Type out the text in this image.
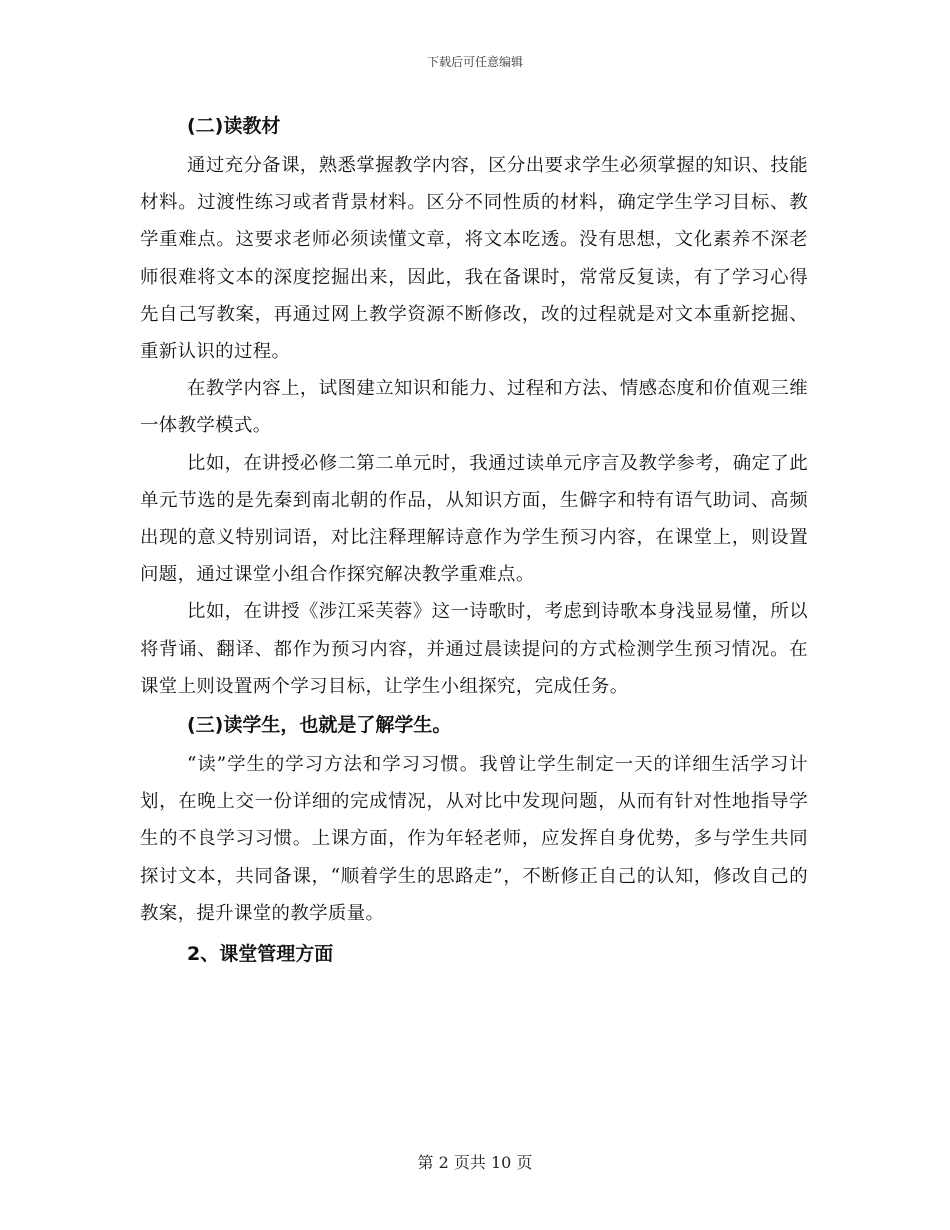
下载后可任意编辑
(二)读教材

通过充分备课，熟悉掌握教学内容，区分出要求学生必须掌握的知识、技能材料。过渡性练习或者背景材料。区分不同性质的材料，确定学生学习目标、教学重难点。这要求老师必须读懂文章，将文本吃透。没有思想，文化素养不深老师很难将文本的深度挖掘出来，因此，我在备课时，常常反复读，有了学习心得先自己写教案，再通过网上教学资源不断修改，改的过程就是对文本重新挖掘、重新认识的过程。

在教学内容上，试图建立知识和能力、过程和方法、情感态度和价值观三维一体教学模式。

比如，在讲授必修二第二单元时，我通过读单元序言及教学参考，确定了此单元节选的是先秦到南北朝的作品，从知识方面，生僻字和特有语气助词、高频出现的意义特别词语，对比注释理解诗意作为学生预习内容，在课堂上，则设置问题，通过课堂小组合作探究解决教学重难点。

比如，在讲授《涉江采芙蓉》这一诗歌时，考虑到诗歌本身浅显易懂，所以将背诵、翻译、都作为预习内容，并通过晨读提问的方式检测学生预习情况。在课堂上则设置两个学习目标，让学生小组探究，完成任务。

(三)读学生，也就是了解学生。

“读”学生的学习方法和学习习惯。我曾让学生制定一天的详细生活学习计划，在晚上交一份详细的完成情况，从对比中发现问题，从而有针对性地指导学生的不良学习习惯。上课方面，作为年轻老师，应发挥自身优势，多与学生共同探讨文本，共同备课，“顺着学生的思路走”，不断修正自己的认知，修改自己的教案，提升课堂的教学质量。

2、课堂管理方面
第 2 页共 10 页
